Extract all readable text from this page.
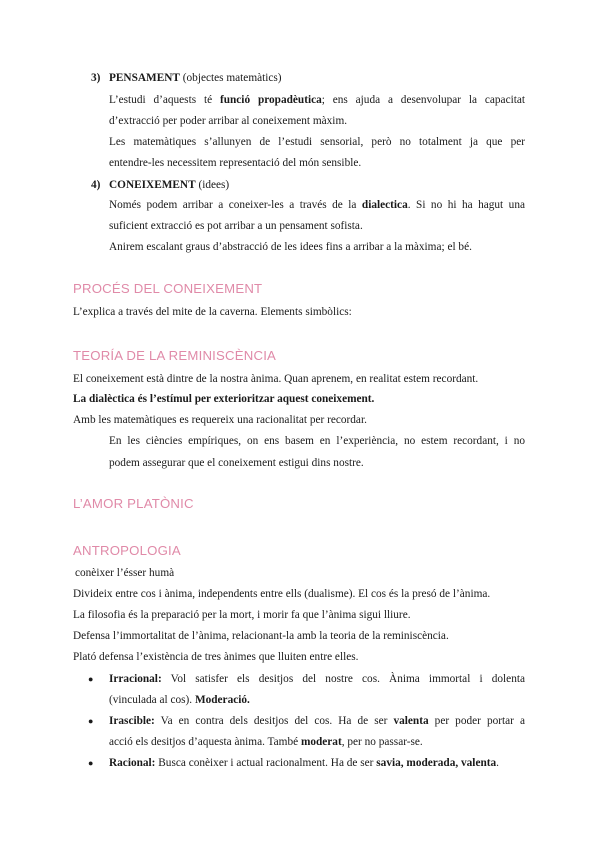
3) PENSAMENT (objectes matemàtics)
L’estudi d’aquests té funció propadèutica; ens ajuda a desenvolupar la capacitat
d’extracció per poder arribar al coneixement màxim.
Les matemàtiques s’allunyen de l’estudi sensorial, però no totalment ja que per
entendre-les necessitem representació del món sensible.
4) CONEIXEMENT (idees)
Només podem arribar a coneixer-les a través de la dialectica. Si no hi ha hagut una
suficient extracció es pot arribar a un pensament sofista.
Anirem escalant graus d’abstracció de les idees fins a arribar a la màxima; el bé.
PROCÉS DEL CONEIXEMENT
L’explica a través del mite de la caverna. Elements simbòlics:
TEORÍA DE LA REMINISCÈNCIA
El coneixement està dintre de la nostra ànima. Quan aprenem, en realitat estem recordant.
La dialèctica és l’estímul per exterioritzar aquest coneixement.
Amb les matemàtiques es requereix una racionalitat per recordar.
En les ciències empíriques, on ens basem en l’experiència, no estem recordant, i no
podem assegurar que el coneixement estigui dins nostre.
L’AMOR PLATÒNIC
ANTROPOLOGIA
conèixer l’ésser humà
Divideix entre cos i ànima, independents entre ells (dualisme). El cos és la presó de l’ànima.
La filosofia és la preparació per la mort, i morir fa que l’ànima sigui lliure.
Defensa l’immortalitat de l’ànima, relacionant-la amb la teoria de la reminiscència.
Plató defensa l’existència de tres ànimes que lluiten entre elles.
● Irracional: Vol satisfer els desitjos del nostre cos. Ànima immortal i dolenta
(vinculada al cos). Moderació.
● Irascible: Va en contra dels desitjos del cos. Ha de ser valenta per poder portar a
acció els desitjos d’aquesta ànima. També moderat, per no passar-se.
● Racional: Busca conèixer i actual racionalment. Ha de ser savia, moderada, valenta.
